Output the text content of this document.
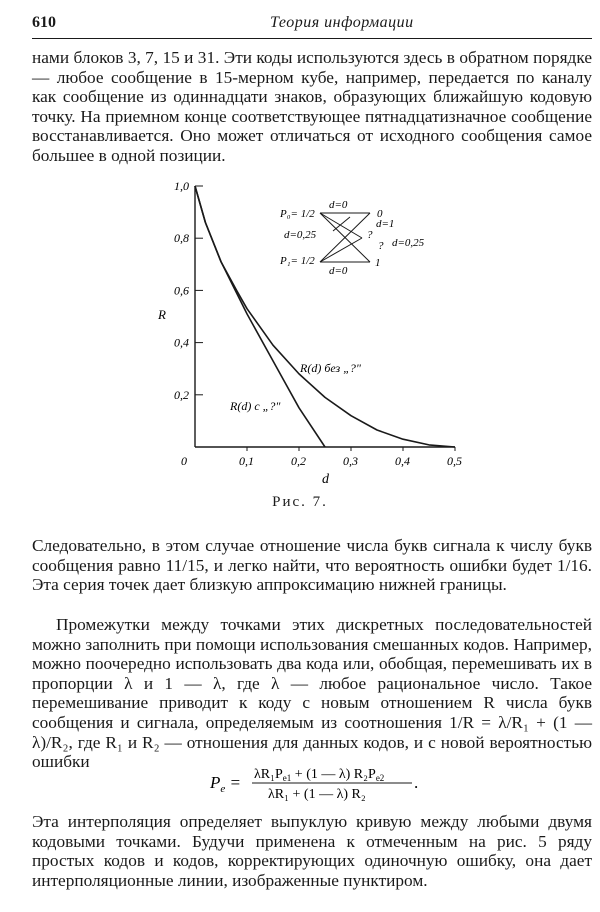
610	Теория информации

нами блоков 3, 7, 15 и 31. Эти коды используются здесь в обратном порядке — любое сообщение в 15-мерном кубе, например, передается по каналу как сообщение из одиннадцати знаков, образующих ближайшую кодовую точку. На приемном конце соответствующее пятнадцатизначное сообщение восстанавливается. Оно может отличаться от исходного сообщения самое большее в одной позиции.

0	0,1	0,2	0,3	0,4	0,5
0,2
0,4
0,6
0,8
1,0
R
d
R(d) без „?"
R(d) с „?"
d=0
P₀= 1/2
d=0,25
P₁= 1/2
d=0
d=1
d=0,25
0
?
?
1
Рис. 7.

Следовательно, в этом случае отношение числа букв сигнала к числу букв сообщения равно 11/15, и легко найти, что вероятность ошибки будет 1/16. Эта серия точек дает близкую аппроксимацию нижней границы.

Промежутки между точками этих дискретных последовательностей можно заполнить при помощи использования смешанных кодов. Например, можно поочередно использовать два кода или, обобщая, перемешивать их в пропорции λ и 1 — λ, где λ — любое рациональное число. Такое перемешивание приводит к коду с новым отношением R числа букв сообщения и сигнала, определяемым из соотношения 1/R = λ/R₁ + (1 — λ)/R₂, где R₁ и R₂ — отношения для данных кодов, и с новой вероятностью ошибки

$P_e = \lambda R_1P_{e1} + (1$ — λ) $R_2P_{e2}$
λR₁ + (1 — λ) R₂
.

Эта интерполяция определяет выпуклую кривую между любыми двумя кодовыми точками. Будучи применена к отмеченным на рис. 5 ряду простых кодов и кодов, корректирующих одиночную ошибку, она дает интерполяционные линии, изображенные пунктиром.
